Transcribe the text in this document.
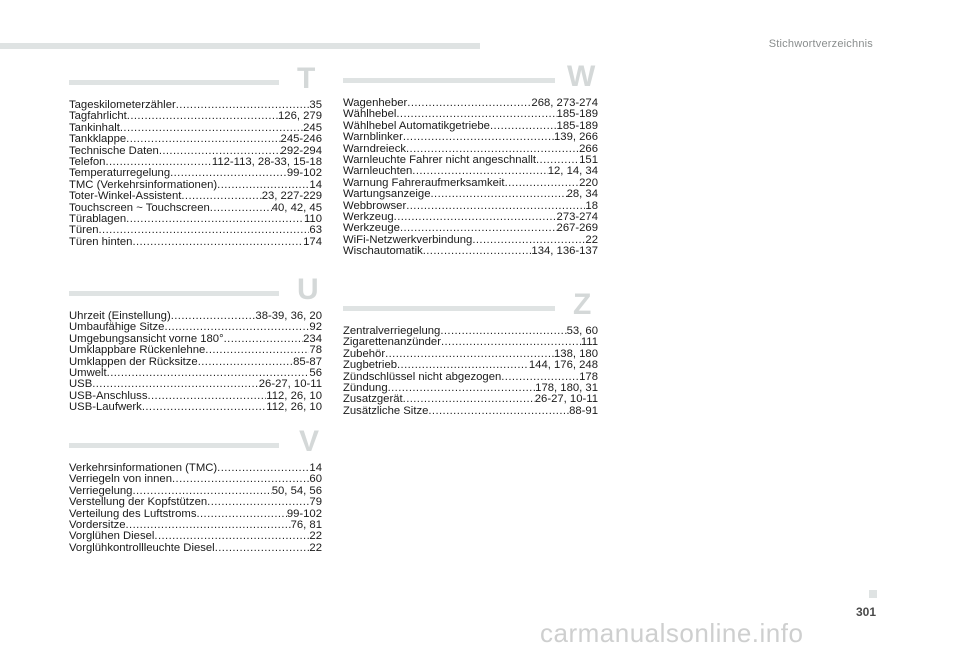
Stichwortverzeichnis
T
Tageskilometerzähler .....	35
Tagfahrlicht .....	126, 279
Tankinhalt .....	245
Tankklappe .....	245-246
Technische Daten .....	292-294
Telefon .....	112-113, 28-33, 15-18
Temperaturregelung .....	99-102
TMC (Verkehrsinformationen) .....	14
Toter-Winkel-Assistent .....	23, 227-229
Touchscreen ~ Touchscreen .....	40, 42, 45
Türablagen .....	110
Türen .....	63
Türen hinten .....	174
U
Uhrzeit (Einstellung) .....	38-39, 36, 20
Umbaufähige Sitze .....	92
Umgebungsansicht vorne 180° .....	234
Umklappbare Rückenlehne .....	78
Umklappen der Rücksitze .....	85-87
Umwelt .....	56
USB .....	26-27, 10-11
USB-Anschluss .....	112, 26, 10
USB-Laufwerk .....	112, 26, 10
V
Verkehrsinformationen (TMC) .....	14
Verriegeln von innen .....	60
Verriegelung .....	50, 54, 56
Verstellung der Kopfstützen .....	79
Verteilung des Luftstroms .....	99-102
Vordersitze .....	76, 81
Vorglühen Diesel .....	22
Vorglühkontrollleuchte Diesel .....	22
W
Wagenheber .....	268, 273-274
Wählhebel .....	185-189
Wählhebel Automatikgetriebe .....	185-189
Warnblinker .....	139, 266
Warndreieck .....	266
Warnleuchte Fahrer nicht angeschnallt .....	151
Warnleuchten .....	12, 14, 34
Warnung Fahreraufmerksamkeit .....	220
Wartungsanzeige .....	28, 34
Webbrowser .....	18
Werkzeug .....	273-274
Werkzeuge .....	267-269
WiFi-Netzwerkverbindung .....	22
Wischautomatik .....	134, 136-137
Z
Zentralverriegelung .....	53, 60
Zigarettenanzünder .....	111
Zubehör .....	138, 180
Zugbetrieb .....	144, 176, 248
Zündschlüssel nicht abgezogen .....	178
Zündung .....	178, 180, 31
Zusatzgerät .....	26-27, 10-11
Zusätzliche Sitze .....	88-91
301
carmanualsonline.info
